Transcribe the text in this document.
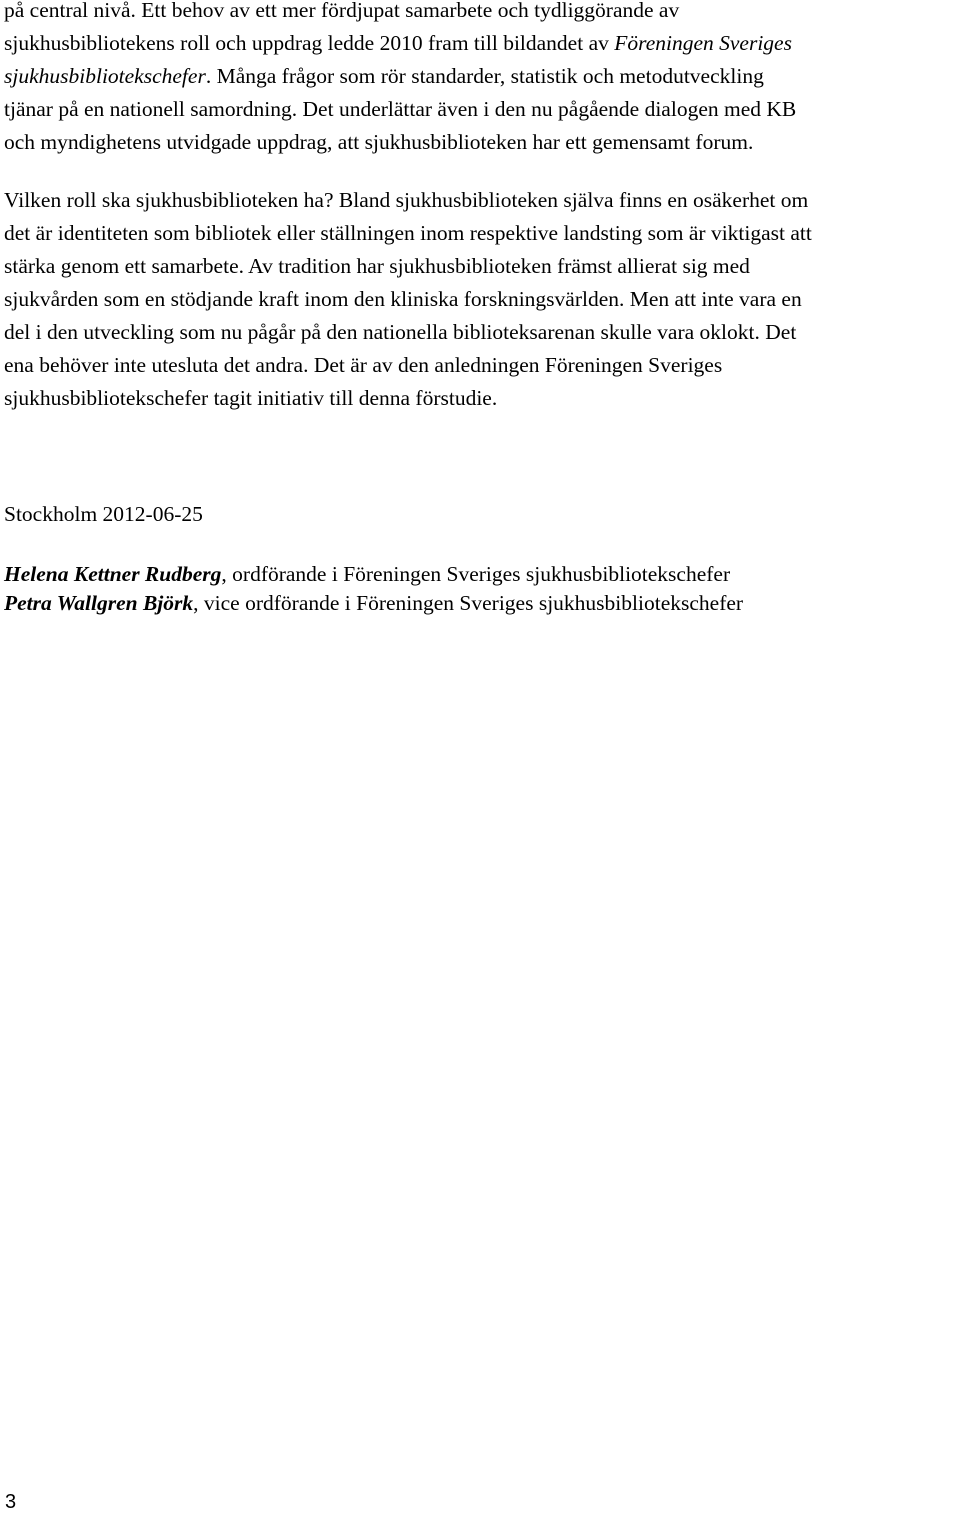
på central nivå. Ett behov av ett mer fördjupat samarbete och tydliggörande av
sjukhusbibliotekens roll och uppdrag ledde 2010 fram till bildandet av Föreningen Sveriges
sjukhusbibliotekschefer. Många frågor som rör standarder, statistik och metodutveckling
tjänar på en nationell samordning. Det underlättar även i den nu pågående dialogen med KB
och myndighetens utvidgade uppdrag, att sjukhusbiblioteken har ett gemensamt forum.

Vilken roll ska sjukhusbiblioteken ha? Bland sjukhusbiblioteken själva finns en osäkerhet om
det är identiteten som bibliotek eller ställningen inom respektive landsting som är viktigast att
stärka genom ett samarbete. Av tradition har sjukhusbiblioteken främst allierat sig med
sjukvården som en stödjande kraft inom den kliniska forskningsvärlden. Men att inte vara en
del i den utveckling som nu pågår på den nationella biblioteksarenan skulle vara oklokt. Det
ena behöver inte utesluta det andra. Det är av den anledningen Föreningen Sveriges
sjukhusbibliotekschefer tagit initiativ till denna förstudie.

Stockholm 2012-06-25
Helena Kettner Rudberg, ordförande i Föreningen Sveriges sjukhusbibliotekschefer
Petra Wallgren Björk, vice ordförande i Föreningen Sveriges sjukhusbibliotekschefer
3
